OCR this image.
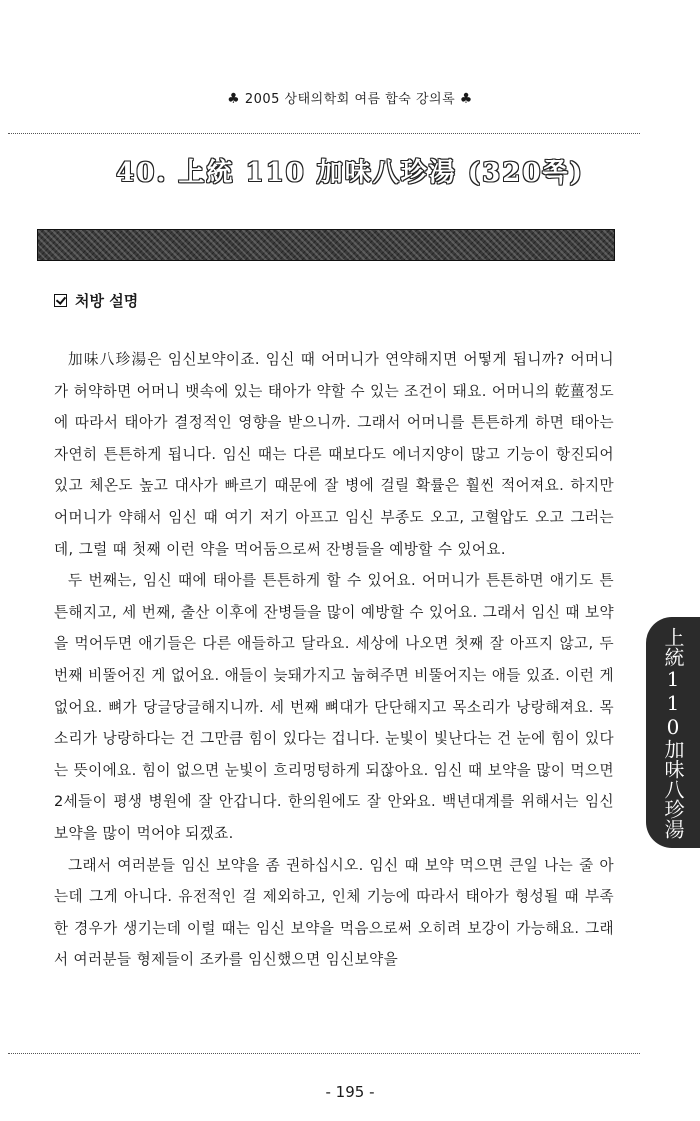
♣ 2005 상태의학회 여름 합숙 강의록 ♣
40. 上統 110 加味八珍湯 (320쪽)
처방 설명

加味八珍湯은 임신보약이죠. 임신 때 어머니가 연약해지면 어떻게 됩니까? 어머니가 허약하면 어머니 뱃속에 있는 태아가 약할 수 있는 조건이 돼요. 어머니의 乾薑정도에 따라서 태아가 결정적인 영향을 받으니까. 그래서 어머니를 튼튼하게 하면 태아는 자연히 튼튼하게 됩니다. 임신 때는 다른 때보다도 에너지양이 많고 기능이 항진되어 있고 체온도 높고 대사가 빠르기 때문에 잘 병에 걸릴 확률은 훨씬 적어져요. 하지만 어머니가 약해서 임신 때 여기 저기 아프고 임신 부종도 오고, 고혈압도 오고 그러는데, 그럴 때 첫째 이런 약을 먹어둠으로써 잔병들을 예방할 수 있어요.

두 번째는, 임신 때에 태아를 튼튼하게 할 수 있어요. 어머니가 튼튼하면 애기도 튼튼해지고, 세 번째, 출산 이후에 잔병들을 많이 예방할 수 있어요. 그래서 임신 때 보약을 먹어두면 애기들은 다른 애들하고 달라요. 세상에 나오면 첫째 잘 아프지 않고, 두 번째 비뚤어진 게 없어요. 애들이 늦돼가지고 눕혀주면 비뚤어지는 애들 있죠. 이런 게 없어요. 뼈가 당글당글해지니까. 세 번째 뼈대가 단단해지고 목소리가 낭랑해져요. 목소리가 낭랑하다는 건 그만큼 힘이 있다는 겁니다. 눈빛이 빛난다는 건 눈에 힘이 있다는 뜻이에요. 힘이 없으면 눈빛이 흐리멍텅하게 되잖아요. 임신 때 보약을 많이 먹으면 2세들이 평생 병원에 잘 안갑니다. 한의원에도 잘 안와요. 백년대계를 위해서는 임신 보약을 많이 먹어야 되겠죠.

그래서 여러분들 임신 보약을 좀 권하십시오. 임신 때 보약 먹으면 큰일 나는 줄 아는데 그게 아니다. 유전적인 걸 제외하고, 인체 기능에 따라서 태아가 형성될 때 부족한 경우가 생기는데 이럴 때는 임신 보약을 먹음으로써 오히려 보강이 가능해요. 그래서 여러분들 형제들이 조카를 임신했으면 임신보약을

上統110加味八珍湯
- 195 -
